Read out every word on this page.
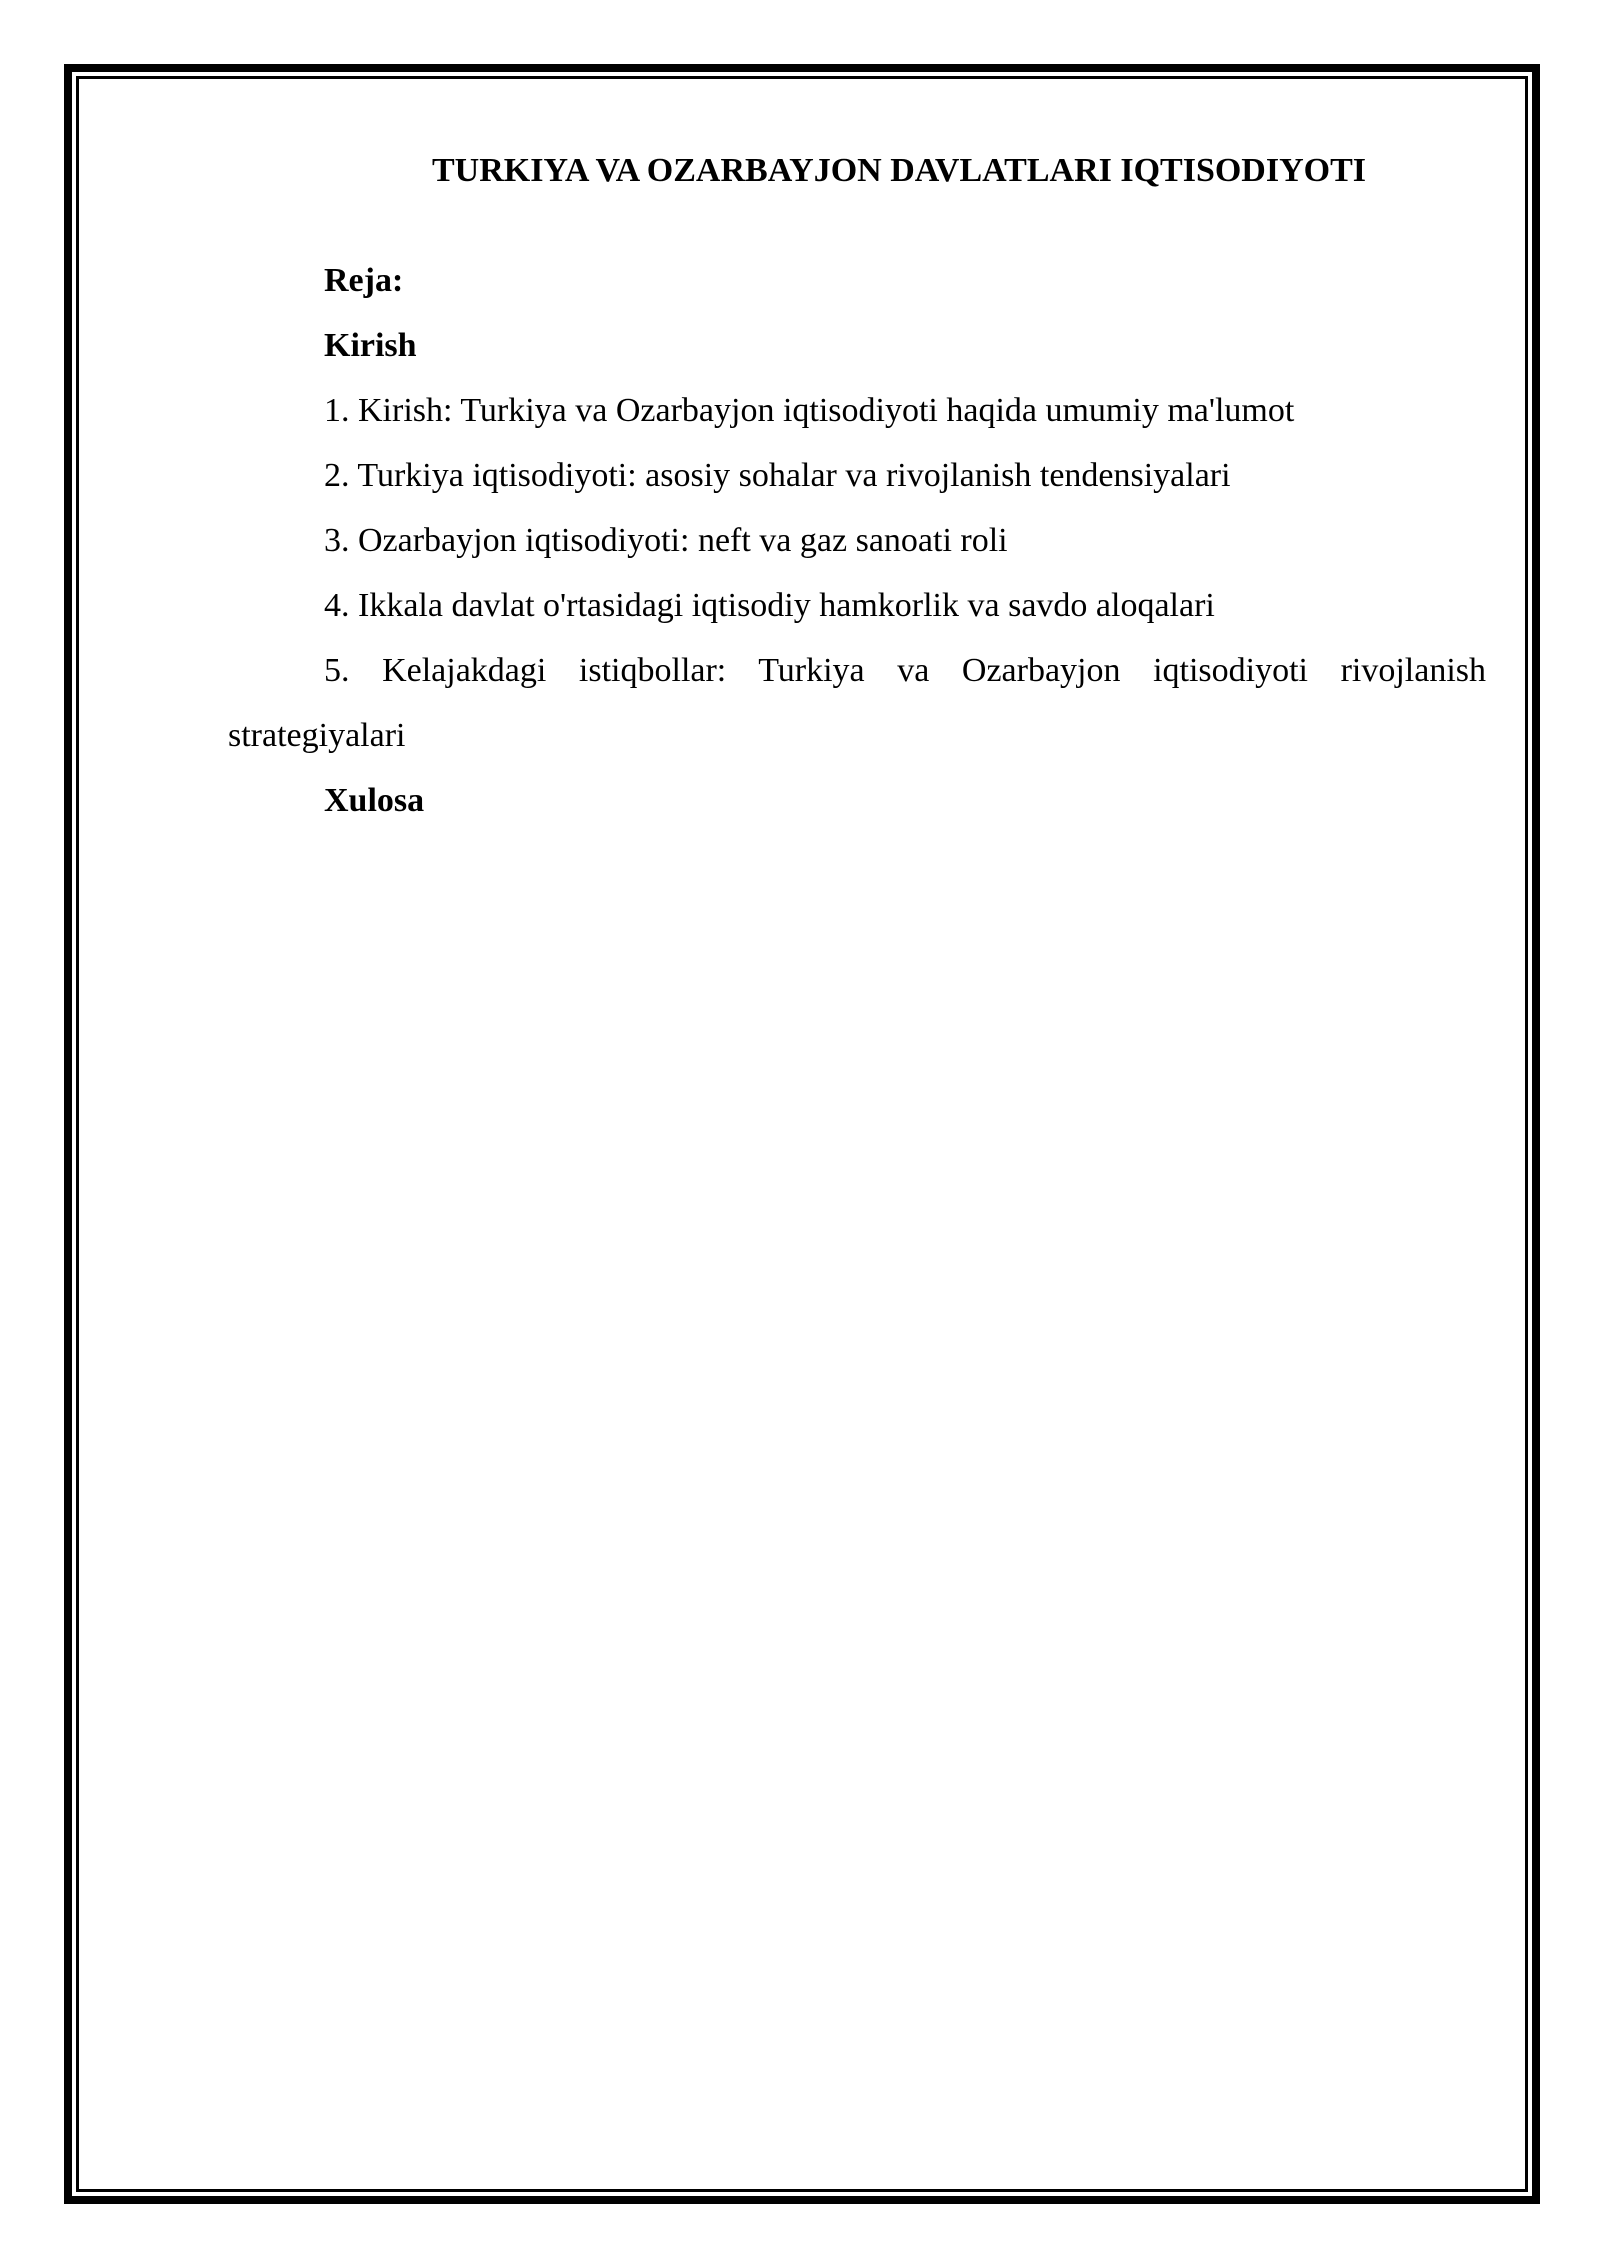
TURKIYA VA OZARBAYJON DAVLATLARI IQTISODIYOTI

Reja:

Kirish

1. Kirish: Turkiya va Ozarbayjon iqtisodiyoti haqida umumiy ma'lumot

2. Turkiya iqtisodiyoti: asosiy sohalar va rivojlanish tendensiyalari

3. Ozarbayjon iqtisodiyoti: neft va gaz sanoati roli

4. Ikkala davlat o'rtasidagi iqtisodiy hamkorlik va savdo aloqalari

5. Kelajakdagi istiqbollar: Turkiya va Ozarbayjon iqtisodiyoti rivojlanish strategiyalari

Xulosa
